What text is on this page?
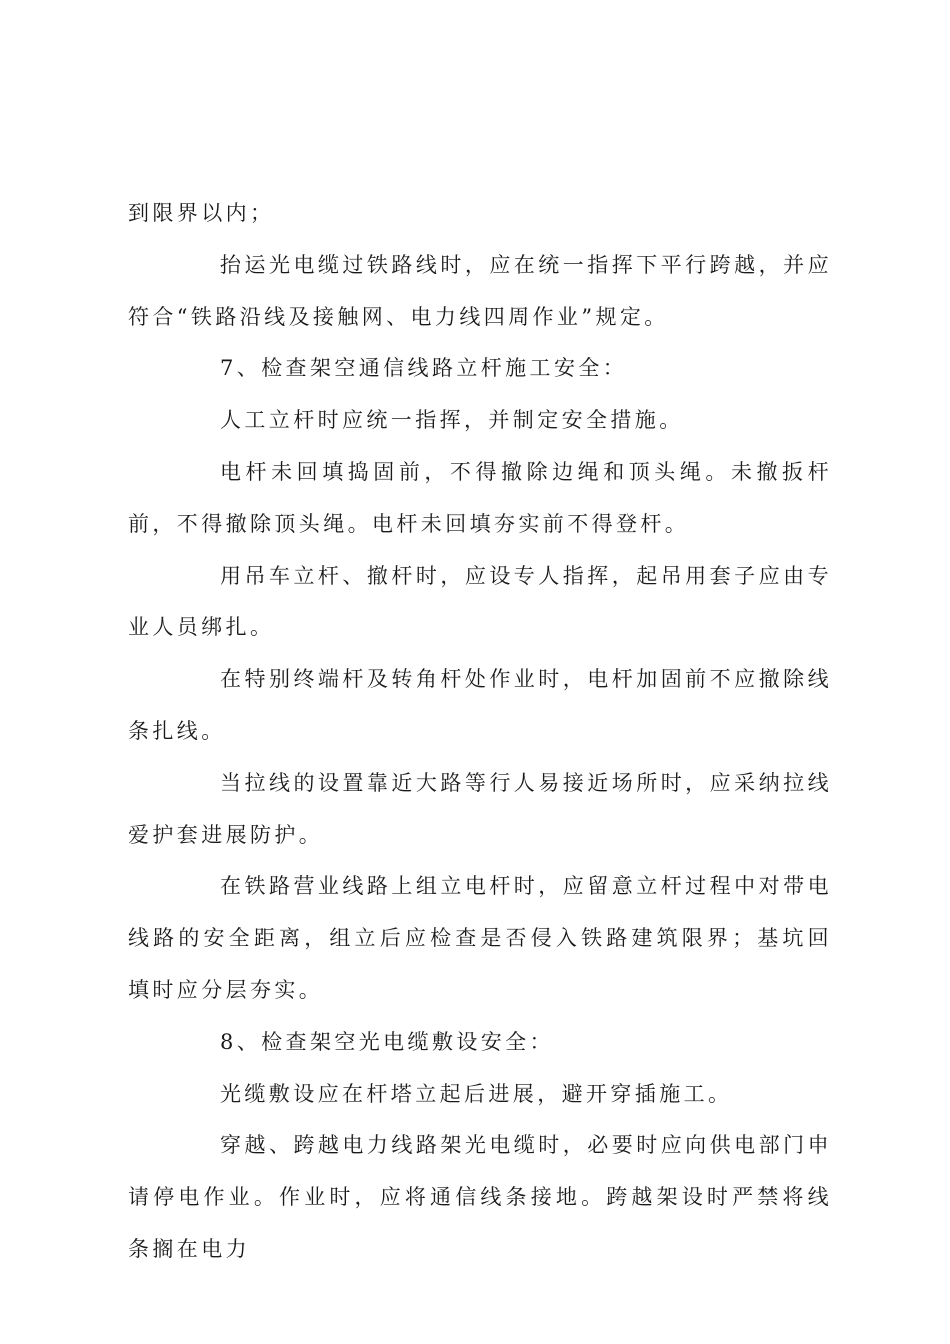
到限界以内；

抬运光电缆过铁路线时，应在统一指挥下平行跨越，并应符合“铁路沿线及接触网、电力线四周作业”规定。

7、检查架空通信线路立杆施工安全：

人工立杆时应统一指挥，并制定安全措施。

电杆未回填捣固前，不得撤除边绳和顶头绳。未撤扳杆前，不得撤除顶头绳。电杆未回填夯实前不得登杆。

用吊车立杆、撤杆时，应设专人指挥，起吊用套子应由专业人员绑扎。

在特别终端杆及转角杆处作业时，电杆加固前不应撤除线条扎线。

当拉线的设置靠近大路等行人易接近场所时，应采纳拉线爱护套进展防护。

在铁路营业线路上组立电杆时，应留意立杆过程中对带电线路的安全距离，组立后应检查是否侵入铁路建筑限界；基坑回填时应分层夯实。

8、检查架空光电缆敷设安全：

光缆敷设应在杆塔立起后进展，避开穿插施工。

穿越、跨越电力线路架光电缆时，必要时应向供电部门申请停电作业。作业时，应将通信线条接地。跨越架设时严禁将线条搁在电力
